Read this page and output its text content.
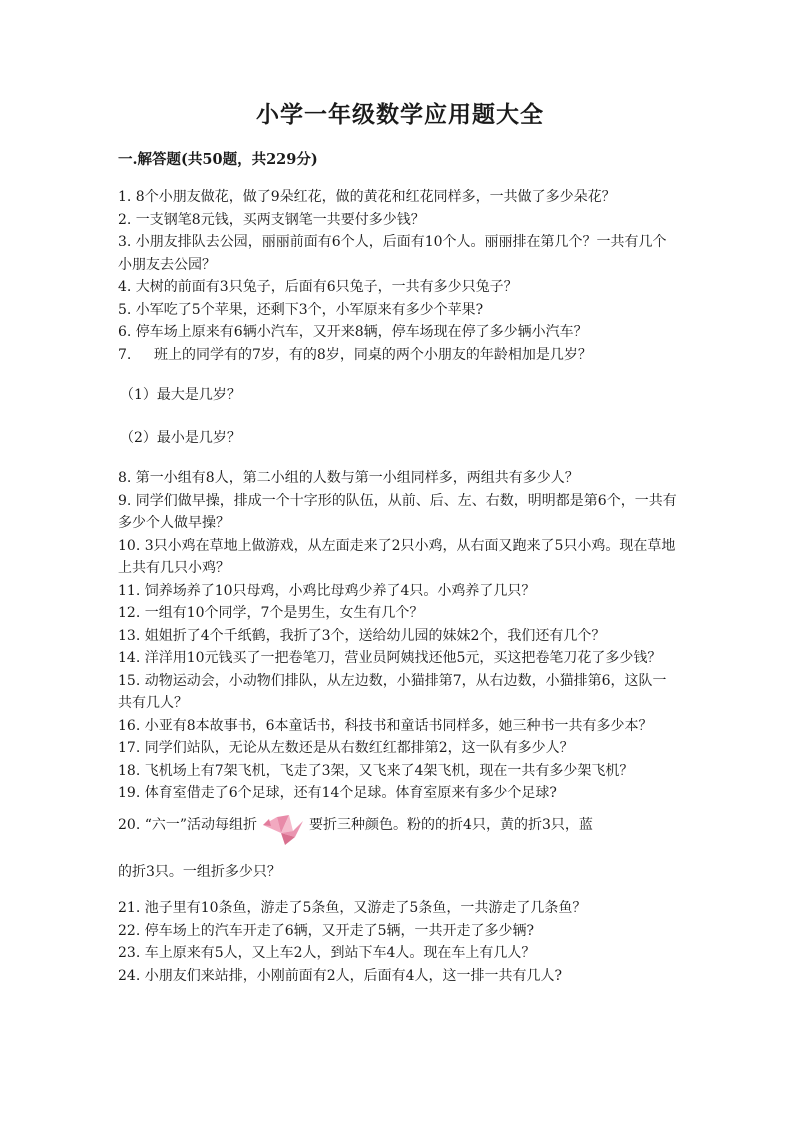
小学一年级数学应用题大全
一.解答题(共50题，共229分)

1. 8个小朋友做花，做了9朵红花，做的黄花和红花同样多，一共做了多少朵花？

2. 一支钢笔8元钱，买两支钢笔一共要付多少钱？

3. 小朋友排队去公园，丽丽前面有6个人，后面有10个人。丽丽排在第几个？一共有几个小朋友去公园？

4. 大树的前面有3只兔子，后面有6只兔子，一共有多少只兔子？

5. 小军吃了5个苹果，还剩下3个，小军原来有多少个苹果?

6. 停车场上原来有6辆小汽车，又开来8辆，停车场现在停了多少辆小汽车？

7. 班上的同学有的7岁，有的8岁，同桌的两个小朋友的年龄相加是几岁？

（1）最大是几岁？

（2）最小是几岁？

8. 第一小组有8人，第二小组的人数与第一小组同样多，两组共有多少人？

9. 同学们做早操，排成一个十字形的队伍，从前、后、左、右数，明明都是第6个，一共有多少个人做早操？

10. 3只小鸡在草地上做游戏，从左面走来了2只小鸡，从右面又跑来了5只小鸡。现在草地上共有几只小鸡？

11. 饲养场养了10只母鸡，小鸡比母鸡少养了4只。小鸡养了几只？

12. 一组有10个同学，7个是男生，女生有几个？

13. 姐姐折了4个千纸鹤，我折了3个，送给幼儿园的妹妹2个，我们还有几个？

14. 洋洋用10元钱买了一把卷笔刀，营业员阿姨找还他5元，买这把卷笔刀花了多少钱？

15. 动物运动会，小动物们排队，从左边数，小猫排第7，从右边数，小猫排第6，这队一共有几人？

16. 小亚有8本故事书，6本童话书，科技书和童话书同样多，她三种书一共有多少本？

17. 同学们站队，无论从左数还是从右数红红都排第2，这一队有多少人？

18. 飞机场上有7架飞机，飞走了3架，又飞来了4架飞机，现在一共有多少架飞机？

19. 体育室借走了6个足球，还有14个足球。体育室原来有多少个足球?

20. “六一”活动每组折	要折三种颜色。粉的的折4只，黄的折3只，蓝

的折3只。一组折多少只？

21. 池子里有10条鱼，游走了5条鱼，又游走了5条鱼，一共游走了几条鱼？

22. 停车场上的汽车开走了6辆，又开走了5辆，一共开走了多少辆?

23. 车上原来有5人，又上车2人，到站下车4人。现在车上有几人？

24. 小朋友们来站排，小刚前面有2人，后面有4人，这一排一共有几人?
